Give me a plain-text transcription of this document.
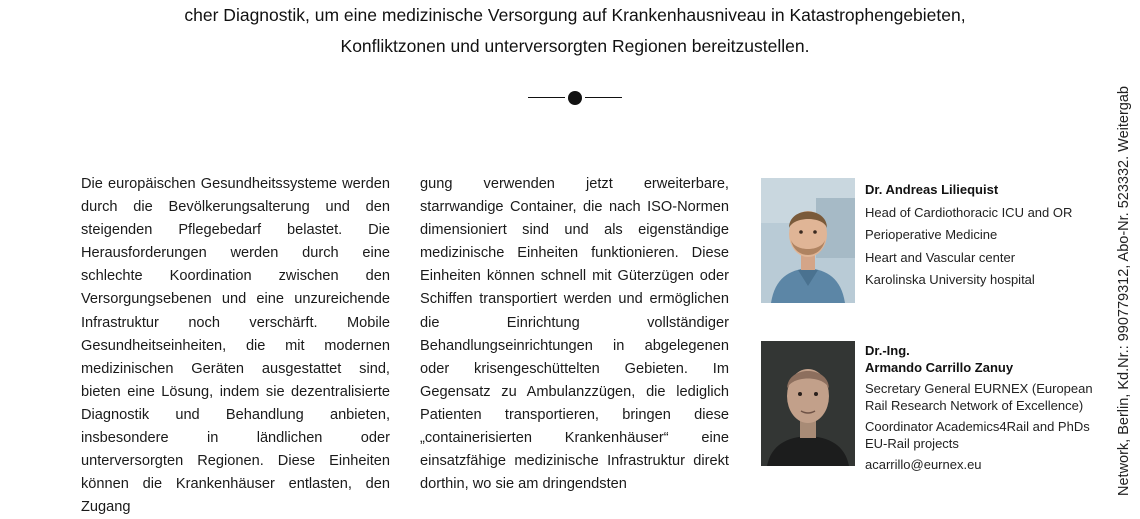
cher Diagnostik, um eine medizinische Versorgung auf Krankenhausniveau in Katastrophengebieten,

Konfliktzonen und unterversorgten Regionen bereitzustellen.

Die europäischen Gesundheitssysteme werden durch die Bevölkerungsalterung und den steigenden Pflegebedarf belastet. Die Herausforderungen werden durch eine schlechte Koordination zwischen den Versorgungsebenen und eine unzureichende Infrastruktur noch verschärft. Mobile Gesundheitseinheiten, die mit modernen medizinischen Geräten ausgestattet sind, bieten eine Lösung, indem sie dezentralisierte Diagnostik und Behandlung anbieten, insbesondere in ländlichen oder unterversorgten Regionen. Diese Einheiten können die Krankenhäuser entlasten, den Zugang

gung verwenden jetzt erweiterbare, starrwandige Container, die nach ISO-Normen dimensioniert sind und als eigenständige medizinische Einheiten funktionieren. Diese Einheiten können schnell mit Güterzügen oder Schiffen transportiert werden und ermöglichen die Einrichtung vollständiger Behandlungseinrichtungen in abgelegenen oder krisengeschüttelten Gebieten. Im Gegensatz zu Ambulanzzügen, die lediglich Patienten transportieren, bringen diese „containerisierten Krankenhäuser“ eine einsatzfähige medizinische Infrastruktur direkt dorthin, wo sie am dringendsten

Dr. Andreas Liliequist
Head of Cardiothoracic ICU and OR
Perioperative Medicine
Heart and Vascular center
Karolinska University hospital
Dr.-Ing.
Armando Carrillo Zanuy
Secretary General EURNEX (European Rail Research Network of Excellence)
Coordinator Academics4Rail and PhDs EU-Rail projects
acarrillo@eurnex.eu	Network, Berlin, Kd.Nr.: 990779312, Abo-Nr. 523332. Weitergab
